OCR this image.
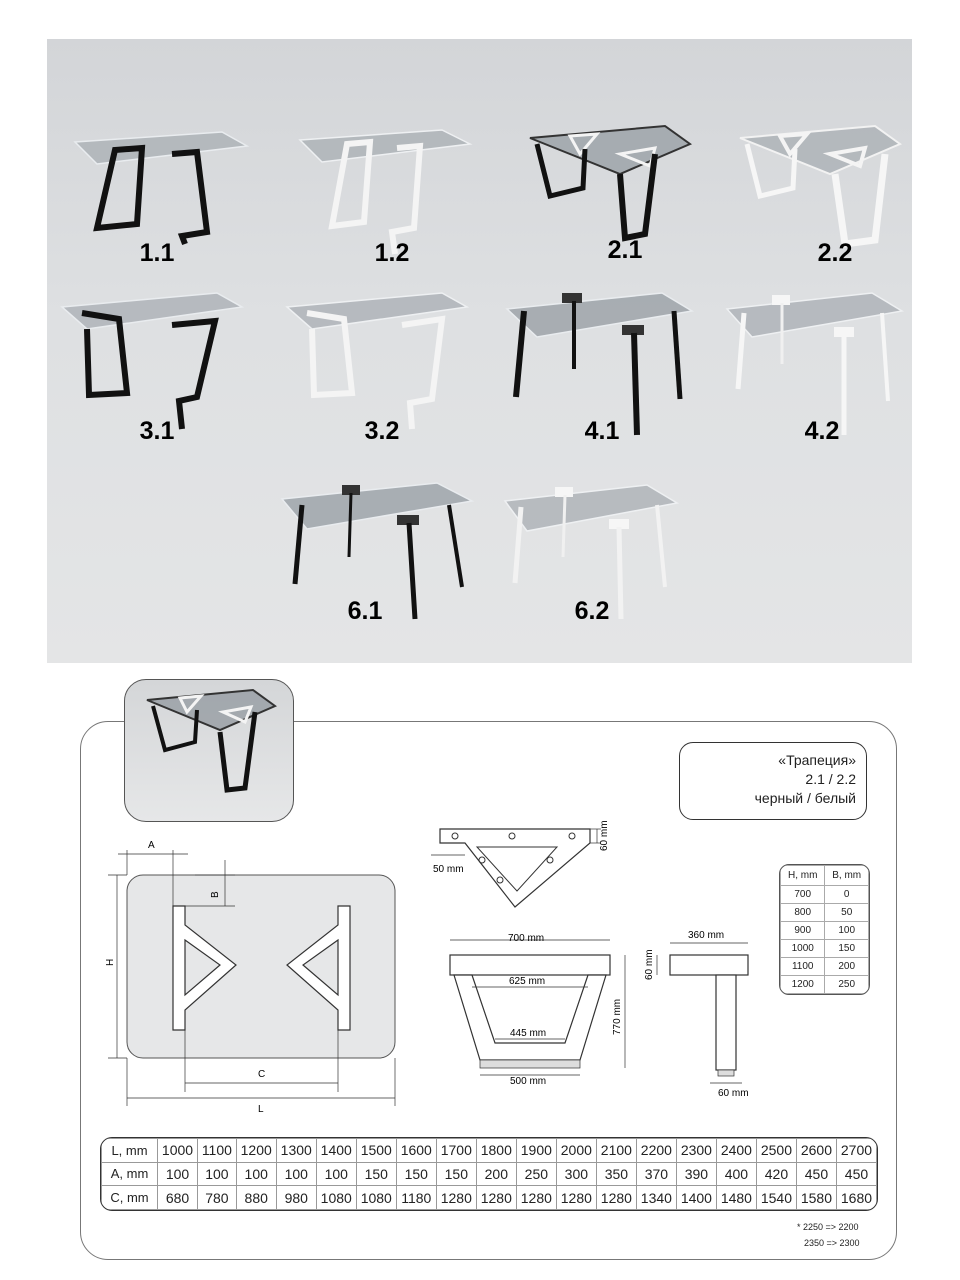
1.1	1.2	2.1	2.2
3.1	3.2	4.1	4.2
6.1	6.2
«Трапеция»
2.1 / 2.2
черный / белый
A
B
H
C
L
60 mm
50 mm
700 mm
625 mm
445 mm
500 mm
770 mm
360 mm
60 mm
60 mm
H, mm	B, mm
700	0
800	50
900	100
1000	150
1100	200
1200	250
L, mm	1000	1100	1200	1300	1400	1500	1600	1700	1800	1900	2000	2100	2200	2300	2400	2500	2600	2700
A, mm	100	100	100	100	100	150	150	150	200	250	300	350	370	390	400	420	450	450
C, mm	680	780	880	980	1080	1080	1180	1280	1280	1280	1280	1280	1340	1400	1480	1540	1580	1680
* 2250 => 2200
2350 => 2300
